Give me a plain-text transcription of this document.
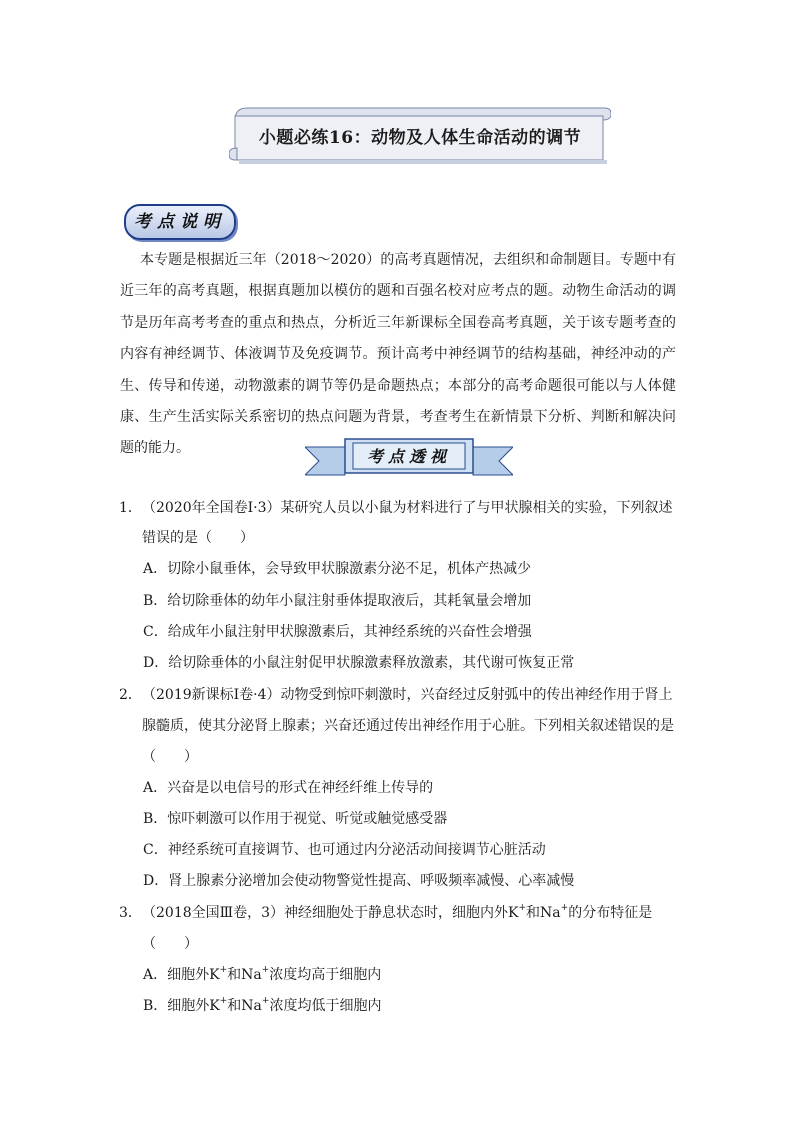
小题必练16：动物及人体生命活动的调节
考点说明
本专题是根据近三年（2018～2020）的高考真题情况，去组织和命制题目。专题中有近三年的高考真题，根据真题加以模仿的题和百强名校对应考点的题。动物生命活动的调节是历年高考考查的重点和热点，分析近三年新课标全国卷高考真题，关于该专题考查的内容有神经调节、体液调节及免疫调节。预计高考中神经调节的结构基础，神经冲动的产生、传导和传递，动物激素的调节等仍是命题热点；本部分的高考命题很可能以与人体健康、生产生活实际关系密切的热点问题为背景，考查考生在新情景下分析、判断和解决问题的能力。	考点透视
1． （2020年全国卷Ⅰ·3）某研究人员以小鼠为材料进行了与甲状腺相关的实验，下列叙述
错误的是（　　）
A．切除小鼠垂体，会导致甲状腺激素分泌不足，机体产热减少
B．给切除垂体的幼年小鼠注射垂体提取液后，其耗氧量会增加
C．给成年小鼠注射甲状腺激素后，其神经系统的兴奋性会增强
D．给切除垂体的小鼠注射促甲状腺激素释放激素，其代谢可恢复正常
2． （2019新课标Ⅰ卷·4）动物受到惊吓刺激时，兴奋经过反射弧中的传出神经作用于肾上
腺髓质，使其分泌肾上腺素；兴奋还通过传出神经作用于心脏。下列相关叙述错误的是
（　　）
A．兴奋是以电信号的形式在神经纤维上传导的
B．惊吓刺激可以作用于视觉、听觉或触觉感受器
C．神经系统可直接调节、也可通过内分泌活动间接调节心脏活动
D．肾上腺素分泌增加会使动物警觉性提高、呼吸频率减慢、心率减慢
3． （2018全国Ⅲ卷，3）神经细胞处于静息状态时，细胞内外K+和Na+的分布特征是
（　　）
A．细胞外K+和Na+浓度均高于细胞内
B．细胞外K+和Na+浓度均低于细胞内
